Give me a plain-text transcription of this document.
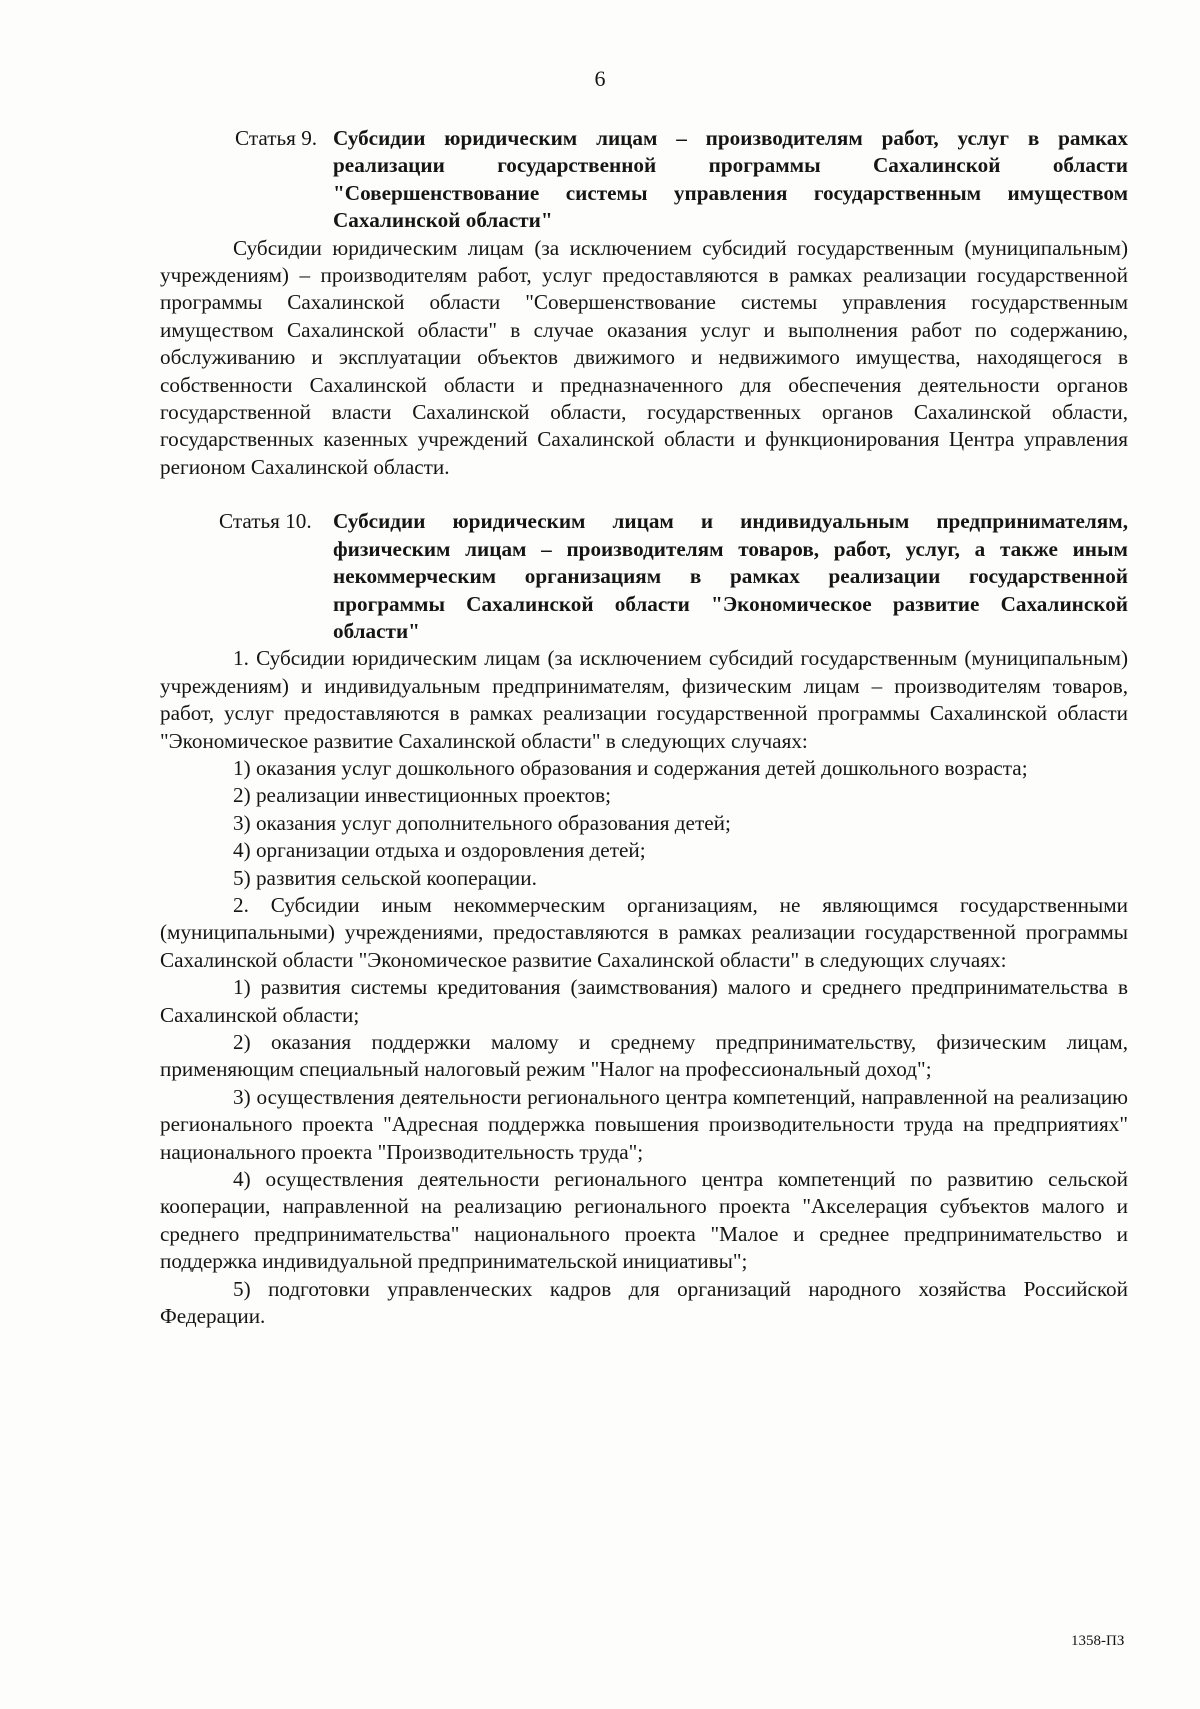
6
Статья 9. Субсидии юридическим лицам – производителям работ, услуг в рамках реализации государственной программы Сахалинской области "Совершенствование системы управления государственным имуществом Сахалинской области"

Субсидии юридическим лицам (за исключением субсидий государственным (муниципальным) учреждениям) – производителям работ, услуг предоставляются в рамках реализации государственной программы Сахалинской области "Совершенствование системы управления государственным имуществом Сахалинской области" в случае оказания услуг и выполнения работ по содержанию, обслуживанию и эксплуатации объектов движимого и недвижимого имущества, находящегося в собственности Сахалинской области и предназначенного для обеспечения деятельности органов государственной власти Сахалинской области, государственных органов Сахалинской области, государственных казенных учреждений Сахалинской области и функционирования Центра управления регионом Сахалинской области.

Статья 10.	Субсидии юридическим лицам и индивидуальным предпринимателям, физическим лицам – производителям товаров, работ, услуг, а также иным некоммерческим организациям в рамках реализации государственной программы Сахалинской области "Экономическое развитие Сахалинской области"

1. Субсидии юридическим лицам (за исключением субсидий государственным (муниципальным) учреждениям) и индивидуальным предпринимателям, физическим лицам – производителям товаров, работ, услуг предоставляются в рамках реализации государственной программы Сахалинской области "Экономическое развитие Сахалинской области" в следующих случаях:

1) оказания услуг дошкольного образования и содержания детей дошкольного возраста;

2) реализации инвестиционных проектов;

3) оказания услуг дополнительного образования детей;

4) организации отдыха и оздоровления детей;

5) развития сельской кооперации.

2. Субсидии иным некоммерческим организациям, не являющимся государственными (муниципальными) учреждениями, предоставляются в рамках реализации государственной программы Сахалинской области "Экономическое развитие Сахалинской области" в следующих случаях:

1) развития системы кредитования (заимствования) малого и среднего предпринимательства в Сахалинской области;

2) оказания поддержки малому и среднему предпринимательству, физическим лицам, применяющим специальный налоговый режим "Налог на профессиональный доход";

3) осуществления деятельности регионального центра компетенций, направленной на реализацию регионального проекта "Адресная поддержка повышения производительности труда на предприятиях" национального проекта "Производительность труда";

4) осуществления деятельности регионального центра компетенций по развитию сельской кооперации, направленной на реализацию регионального проекта "Акселерация субъектов малого и среднего предпринимательства" национального проекта "Малое и среднее предпринимательство и поддержка индивидуальной предпринимательской инициативы";

5) подготовки управленческих кадров для организаций народного хозяйства Российской Федерации.

1358-ПЗ
